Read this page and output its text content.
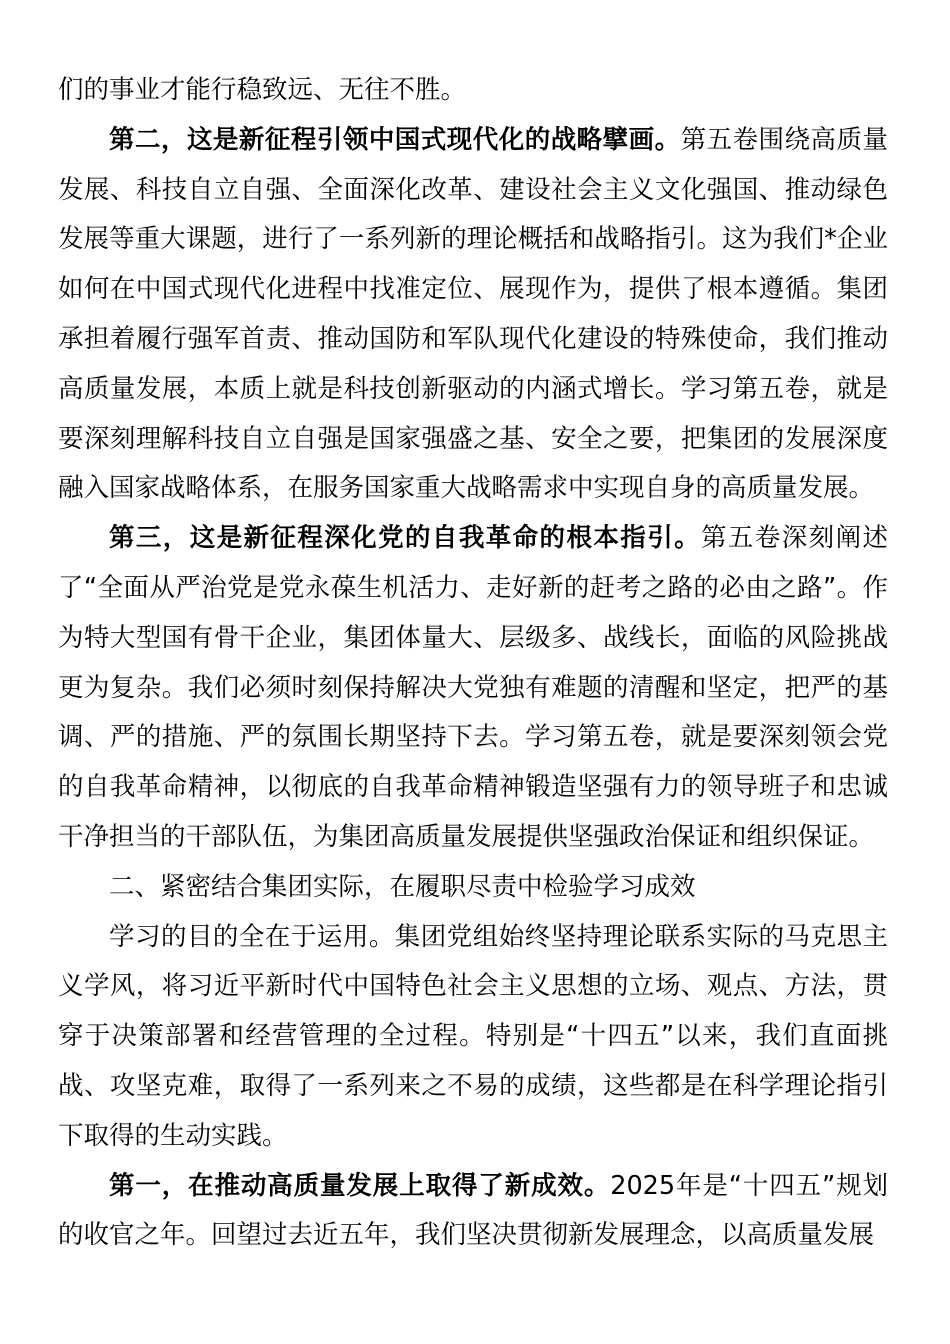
们的事业才能行稳致远、无往不胜。

第二，这是新征程引领中国式现代化的战略擘画。第五卷围绕高质量发展、科技自立自强、全面深化改革、建设社会主义文化强国、推动绿色发展等重大课题，进行了一系列新的理论概括和战略指引。这为我们*企业如何在中国式现代化进程中找准定位、展现作为，提供了根本遵循。集团承担着履行强军首责、推动国防和军队现代化建设的特殊使命，我们推动高质量发展，本质上就是科技创新驱动的内涵式增长。学习第五卷，就是要深刻理解科技自立自强是国家强盛之基、安全之要，把集团的发展深度融入国家战略体系，在服务国家重大战略需求中实现自身的高质量发展。

第三，这是新征程深化党的自我革命的根本指引。第五卷深刻阐述了“全面从严治党是党永葆生机活力、走好新的赶考之路的必由之路”。作为特大型国有骨干企业，集团体量大、层级多、战线长，面临的风险挑战更为复杂。我们必须时刻保持解决大党独有难题的清醒和坚定，把严的基调、严的措施、严的氛围长期坚持下去。学习第五卷，就是要深刻领会党的自我革命精神，以彻底的自我革命精神锻造坚强有力的领导班子和忠诚干净担当的干部队伍，为集团高质量发展提供坚强政治保证和组织保证。

二、紧密结合集团实际，在履职尽责中检验学习成效

学习的目的全在于运用。集团党组始终坚持理论联系实际的马克思主义学风，将习近平新时代中国特色社会主义思想的立场、观点、方法，贯穿于决策部署和经营管理的全过程。特别是“十四五”以来，我们直面挑战、攻坚克难，取得了一系列来之不易的成绩，这些都是在科学理论指引下取得的生动实践。

第一，在推动高质量发展上取得了新成效。2025年是“十四五”规划的收官之年。回望过去近五年，我们坚决贯彻新发展理念，以高质量发展
